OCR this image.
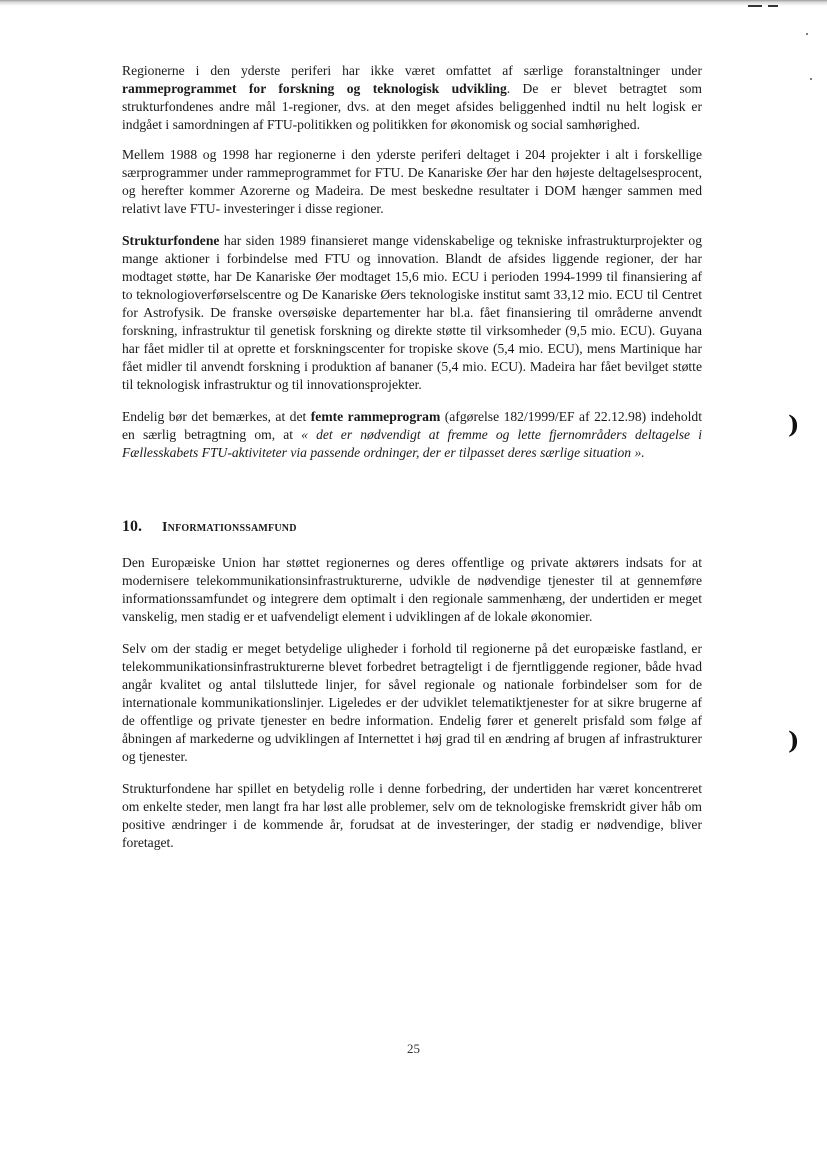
)
)

Regionerne i den yderste periferi har ikke været omfattet af særlige foranstaltninger under rammeprogrammet for forskning og teknologisk udvikling. De er blevet betragtet som strukturfondenes andre mål 1-regioner, dvs. at den meget afsides beliggenhed indtil nu helt logisk er indgået i samordningen af FTU-politikken og politikken for økonomisk og social samhørighed.

Mellem 1988 og 1998 har regionerne i den yderste periferi deltaget i 204 projekter i alt i forskellige særprogrammer under rammeprogrammet for FTU. De Kanariske Øer har den højeste deltagelsesprocent, og herefter kommer Azorerne og Madeira. De mest beskedne resultater i DOM hænger sammen med relativt lave FTU- investeringer i disse regioner.

Strukturfondene har siden 1989 finansieret mange videnskabelige og tekniske infrastrukturprojekter og mange aktioner i forbindelse med FTU og innovation. Blandt de afsides liggende regioner, der har modtaget støtte, har De Kanariske Øer modtaget 15,6 mio. ECU i perioden 1994-1999 til finansiering af to teknologioverførselscentre og De Kanariske Øers teknologiske institut samt 33,12 mio. ECU til Centret for Astrofysik. De franske oversøiske departementer har bl.a. fået finansiering til områderne anvendt forskning, infrastruktur til genetisk forskning og direkte støtte til virksomheder (9,5 mio. ECU). Guyana har fået midler til at oprette et forskningscenter for tropiske skove (5,4 mio. ECU), mens Martinique har fået midler til anvendt forskning i produktion af bananer (5,4 mio. ECU). Madeira har fået bevilget støtte til teknologisk infrastruktur og til innovationsprojekter.

Endelig bør det bemærkes, at det femte rammeprogram (afgørelse 182/1999/EF af 22.12.98) indeholdt en særlig betragtning om, at « det er nødvendigt at fremme og lette fjernområders deltagelse i Fællesskabets FTU-aktiviteter via passende ordninger, der er tilpasset deres særlige situation ».

10.	Informationssamfund

Den Europæiske Union har støttet regionernes og deres offentlige og private aktørers indsats for at modernisere telekommunikationsinfrastrukturerne, udvikle de nødvendige tjenester til at gennemføre informationssamfundet og integrere dem optimalt i den regionale sammenhæng, der undertiden er meget vanskelig, men stadig er et uafvendeligt element i udviklingen af de lokale økonomier.

Selv om der stadig er meget betydelige uligheder i forhold til regionerne på det europæiske fastland, er telekommunikationsinfrastrukturerne blevet forbedret betragteligt i de fjerntliggende regioner, både hvad angår kvalitet og antal tilsluttede linjer, for såvel regionale og nationale forbindelser som for de internationale kommunikationslinjer. Ligeledes er der udviklet telematiktjenester for at sikre brugerne af de offentlige og private tjenester en bedre information. Endelig fører et generelt prisfald som følge af åbningen af markederne og udviklingen af Internettet i høj grad til en ændring af brugen af infrastrukturer og tjenester.

Strukturfondene har spillet en betydelig rolle i denne forbedring, der undertiden har været koncentreret om enkelte steder, men langt fra har løst alle problemer, selv om de teknologiske fremskridt giver håb om positive ændringer i de kommende år, forudsat at de investeringer, der stadig er nødvendige, bliver foretaget.

25
